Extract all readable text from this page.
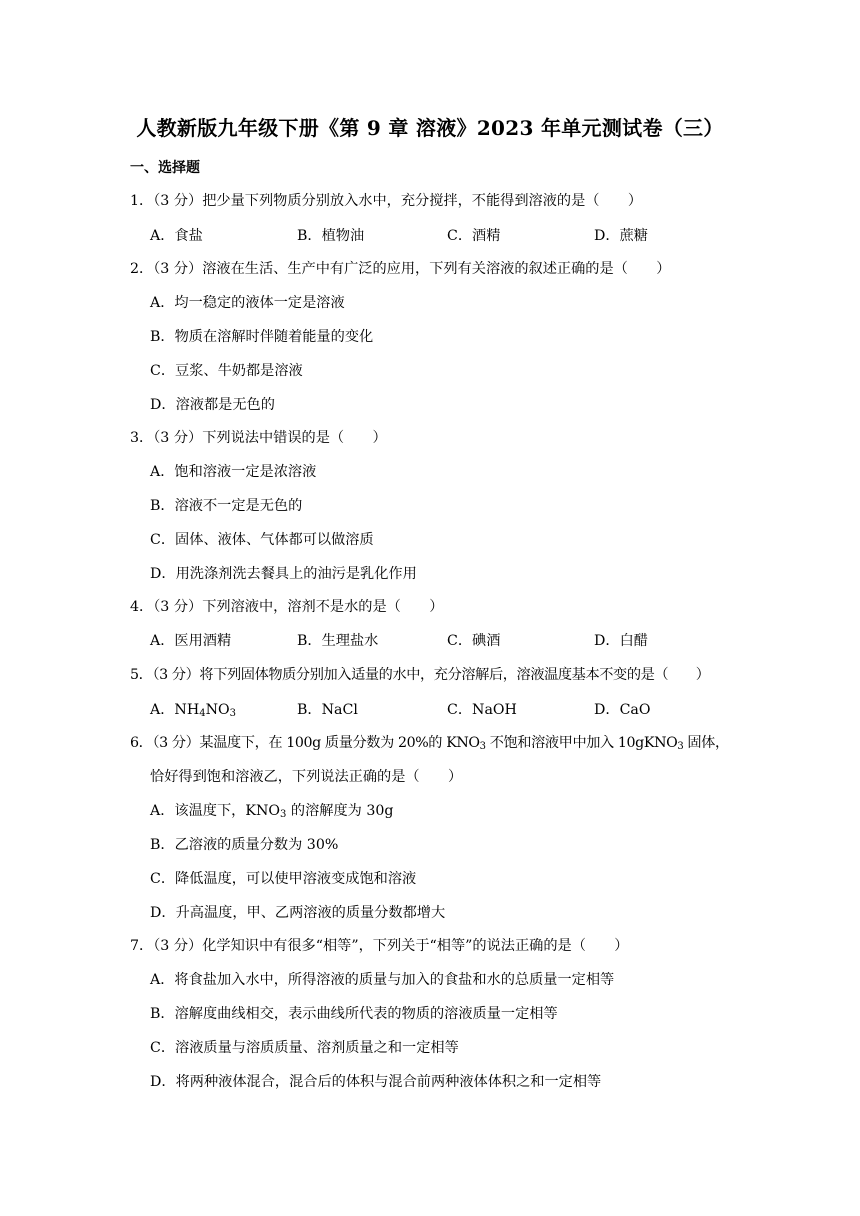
人教新版九年级下册《第 9 章 溶液》2023 年单元测试卷（三）
一、选择题
1．（3 分）把少量下列物质分别放入水中，充分搅拌，不能得到溶液的是（　　）
A．食盐	B．植物油	C．酒精	D．蔗糖
2．（3 分）溶液在生活、生产中有广泛的应用，下列有关溶液的叙述正确的是（　　）
A．均一稳定的液体一定是溶液
B．物质在溶解时伴随着能量的变化
C．豆浆、牛奶都是溶液
D．溶液都是无色的
3．（3 分）下列说法中错误的是（　　）
A．饱和溶液一定是浓溶液
B．溶液不一定是无色的
C．固体、液体、气体都可以做溶质
D．用洗涤剂洗去餐具上的油污是乳化作用
4．（3 分）下列溶液中，溶剂不是水的是（　　）
A．医用酒精	B．生理盐水	C．碘酒	D．白醋
5．（3 分）将下列固体物质分别加入适量的水中，充分溶解后，溶液温度基本不变的是（　　）
A．$NH_4NO_3$	B．NaCl	C．NaOH	D．CaO
6．（3 分）某温度下，在 100g 质量分数为 20%的 $KNO_3$ 不饱和溶液甲中加入 10gKNO$_3$ 固体，
恰好得到饱和溶液乙，下列说法正确的是（　　）
A．该温度下，$KNO_3$ 的溶解度为 30g
B．乙溶液的质量分数为 30%
C．降低温度，可以使甲溶液变成饱和溶液
D．升高温度，甲、乙两溶液的质量分数都增大
7．（3 分）化学知识中有很多“相等”，下列关于“相等”的说法正确的是（　　）
A．将食盐加入水中，所得溶液的质量与加入的食盐和水的总质量一定相等
B．溶解度曲线相交，表示曲线所代表的物质的溶液质量一定相等
C．溶液质量与溶质质量、溶剂质量之和一定相等
D．将两种液体混合，混合后的体积与混合前两种液体体积之和一定相等
